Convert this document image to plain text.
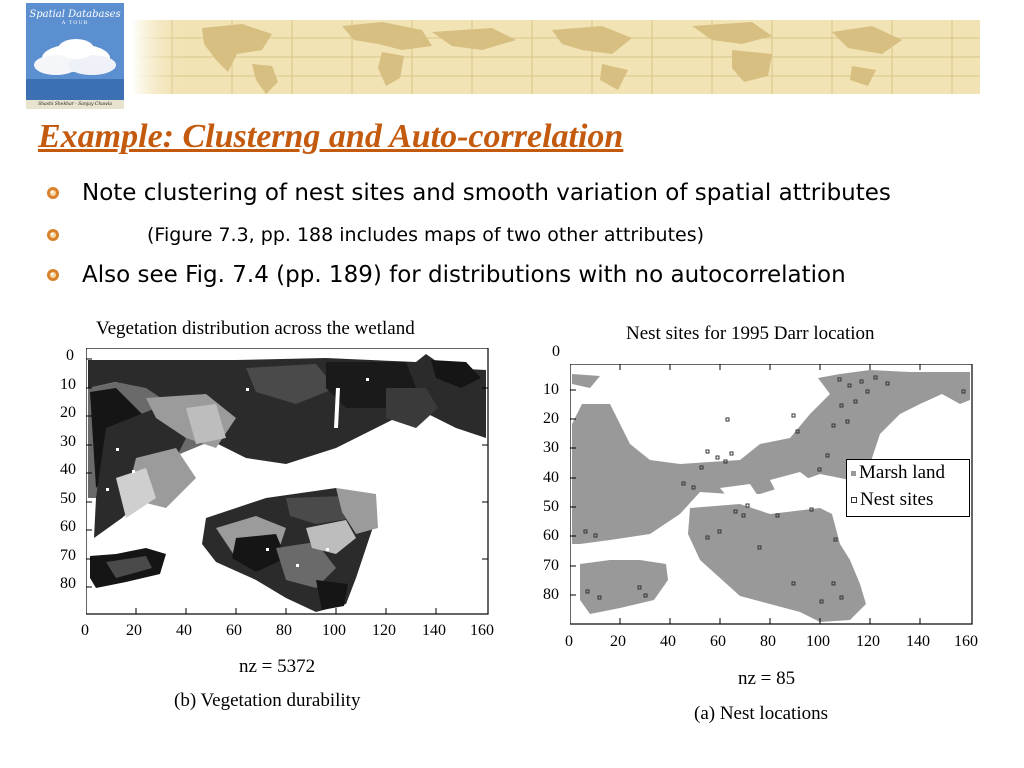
Spatial Databases
A TOUR
Shashi Shekhar · Sanjay Chawla
Example: Clusterng and Auto-correlation
Note clustering of nest sites and smooth variation of spatial attributes
(Figure 7.3, pp. 188 includes maps of two other attributes)
Also see Fig. 7.4 (pp. 189) for distributions with no autocorrelation
Vegetation distribution across the wetland
0
10
20
30
40
50
60
70
80
0 20 40 60 80 100 120 140 160
nz = 5372
(b) Vegetation durability
Nest sites for 1995 Darr location
Marsh land
Nest sites
0
10
20
30
40
50
60
70
80
0 20 40 60 80 100 120 140 160
nz = 85
(a) Nest locations
